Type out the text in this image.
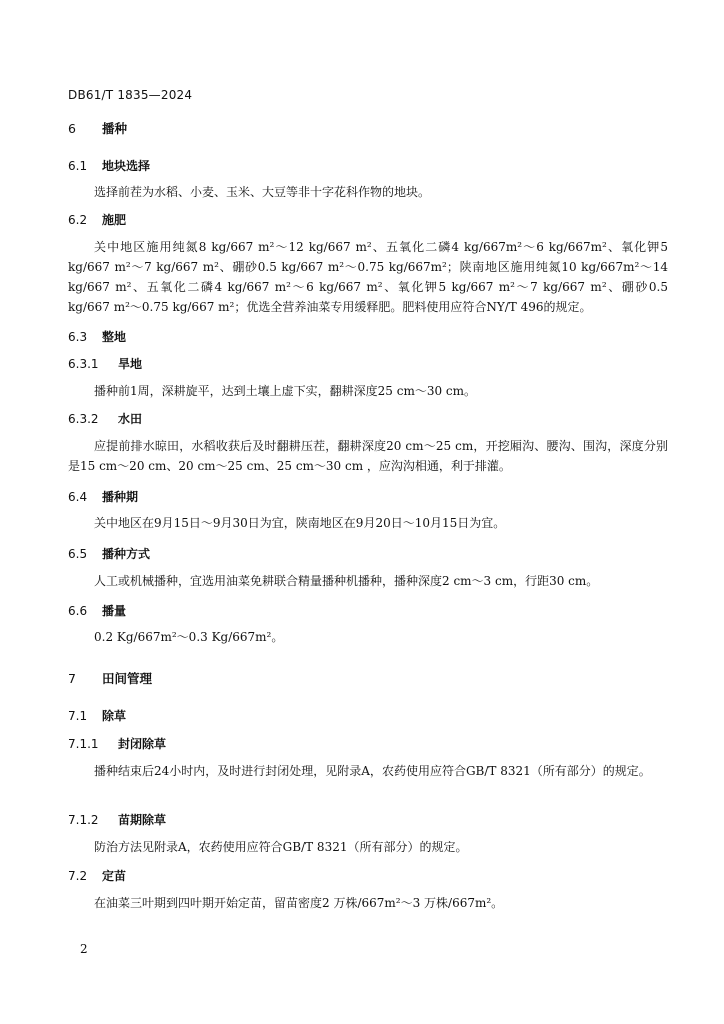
DB61/T 1835—2024
6 播种
6.1 地块选择
选择前茬为水稻、小麦、玉米、大豆等非十字花科作物的地块。
6.2 施肥
关中地区施用纯氮8 kg/667 m²～12 kg/667 m²、五氧化二磷4 kg/667m²～6 kg/667m²、氧化钾5 kg/667 m²～7 kg/667 m²、硼砂0.5 kg/667 m²～0.75 kg/667m²；陕南地区施用纯氮10 kg/667m²～14 kg/667 m²、五氧化二磷4 kg/667 m²～6 kg/667 m²、氧化钾5 kg/667 m²～7 kg/667 m²、硼砂0.5 kg/667 m²～0.75 kg/667 m²；优选全营养油菜专用缓释肥。肥料使用应符合NY/T 496的规定。
6.3 整地
6.3.1 旱地
播种前1周，深耕旋平，达到土壤上虚下实，翻耕深度25 cm～30 cm。
6.3.2 水田
应提前排水晾田，水稻收获后及时翻耕压茬，翻耕深度20 cm～25 cm，开挖厢沟、腰沟、围沟，深度分别是15 cm～20 cm、20 cm～25 cm、25 cm～30 cm ，应沟沟相通，利于排灌。
6.4 播种期
关中地区在9月15日～9月30日为宜，陕南地区在9月20日～10月15日为宜。
6.5 播种方式
人工或机械播种，宜选用油菜免耕联合精量播种机播种，播种深度2 cm～3 cm，行距30 cm。
6.6 播量
0.2 Kg/667m²～0.3 Kg/667m²。
7 田间管理
7.1 除草
7.1.1 封闭除草
播种结束后24小时内，及时进行封闭处理，见附录A，农药使用应符合GB/T 8321（所有部分）的规定。
7.1.2 苗期除草
防治方法见附录A，农药使用应符合GB/T 8321（所有部分）的规定。
7.2 定苗
在油菜三叶期到四叶期开始定苗，留苗密度2 万株/667m²～3 万株/667m²。
2
